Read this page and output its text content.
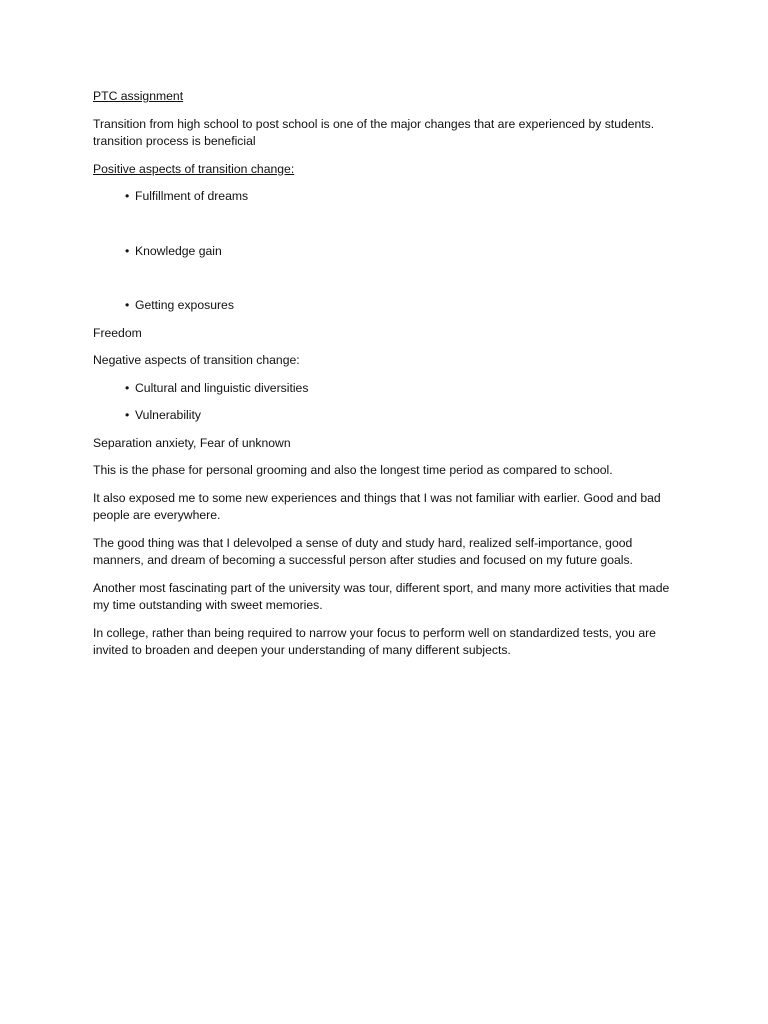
PTC assignment

Transition from high school to post school is one of the major changes that are experienced by students. transition process is beneficial

Positive aspects of transition change:

• Fulfillment of dreams
• Knowledge gain
• Getting exposures

Freedom

Negative aspects of transition change:

• Cultural and linguistic diversities
• Vulnerability

Separation anxiety, Fear of unknown

This is the phase for personal grooming and also the longest time period as compared to school.

It also exposed me to some new experiences and things that I was not familiar with earlier. Good and bad people are everywhere.

The good thing was that I delevolped a sense of duty and study hard, realized self-importance, good manners, and dream of becoming a successful person after studies and focused on my future goals.

Another most fascinating part of the university was tour, different sport, and many more activities that made my time outstanding with sweet memories.

In college, rather than being required to narrow your focus to perform well on standardized tests, you are invited to broaden and deepen your understanding of many different subjects.
